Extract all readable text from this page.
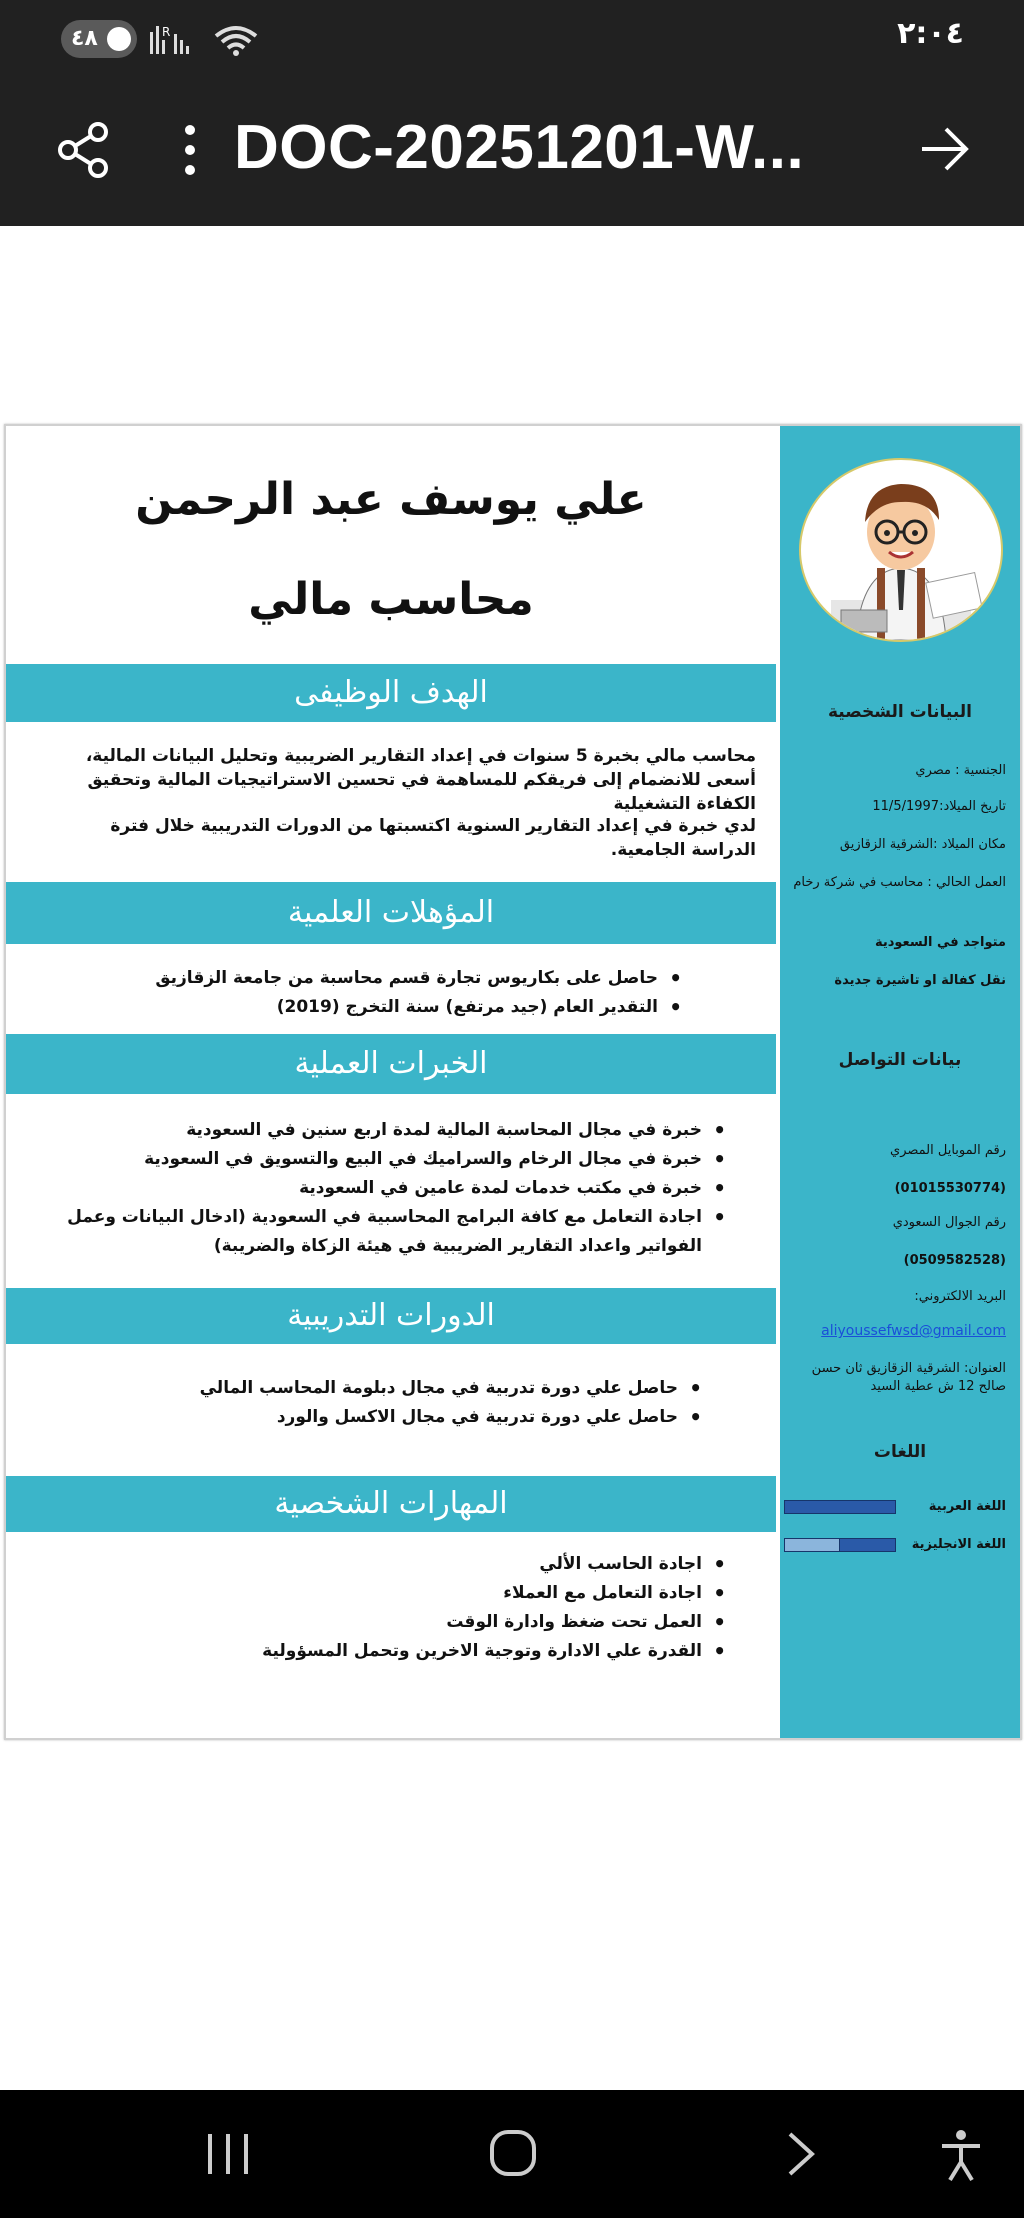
٤٨	R	٢:٠٤
DOC-20251201-W...
البيانات الشخصية
الجنسية : مصري
تاريخ الميلاد:11/5/1997
مكان الميلاد :الشرقية الزقازيق
العمل الحالي : محاسب في شركة رخام
متواجد في السعودية
نقل كفالة او تاشيرة جديدة
بيانات التواصل
رقم الموبايل المصري
(01015530774)
رقم الجوال السعودي
(0509582528)
البريد الالكتروني:
aliyoussefwsd@gmail.com
العنوان: الشرقية الزقازيق ثان حسن صالح 12 ش عطية السيد
اللغات
اللغة العربية
اللغة الانجليزية
علي يوسف عبد الرحمن
محاسب مالي
الهدف الوظيفى
محاسب مالي بخبرة 5 سنوات في إعداد التقارير الضريبية وتحليل البيانات المالية، أسعى للانضمام إلى فريقكم للمساهمة في تحسين الاستراتيجيات المالية وتحقيق الكفاءة التشغيلية
لدي خبرة في إعداد التقارير السنوية اكتسبتها من الدورات التدريبية خلال فترة الدراسة الجامعية.
المؤهلات العلمية
• حاصل على بكاريوس تجارة قسم محاسبة من جامعة الزقازيق
• التقدير العام (جيد مرتفع) سنة التخرج (2019)
الخبرات العملية
• خبرة في مجال المحاسبة المالية لمدة اربع سنين في السعودية
• خبرة في مجال الرخام والسراميك في البيع والتسويق في السعودية
• خبرة في مكتب خدمات لمدة عامين في السعودية
• اجادة التعامل مع كافة البرامج المحاسبية في السعودية (ادخال البيانات وعمل الفواتير واعداد التقارير الضريبية في هيئة الزكاة والضريبة)
الدورات التدريبية
• حاصل علي دورة تدربية في مجال دبلومة المحاسب المالي
• حاصل علي دورة تدربية في مجال الاكسل والورد
المهارات الشخصية
• اجادة الحاسب الألي
• اجادة التعامل مع العملاء
• العمل تحت ضغظ وادارة الوقت
• القدرة علي الادارة وتوجية الاخرين وتحمل المسؤولية
